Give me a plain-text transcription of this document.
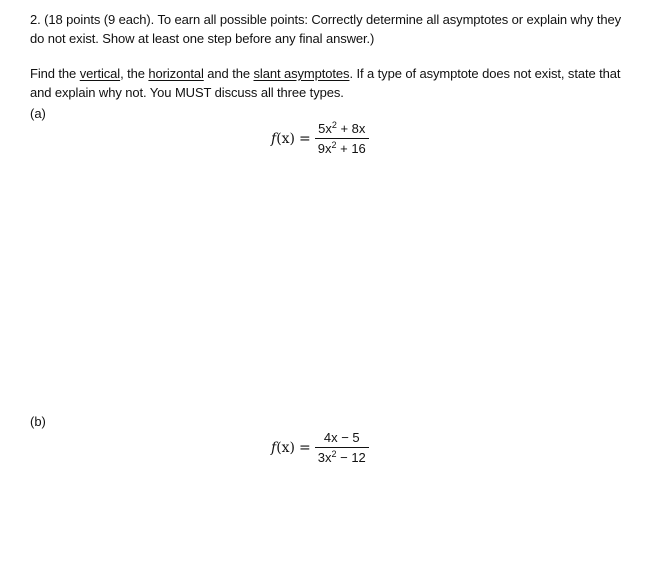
2. (18 points (9 each). To earn all possible points: Correctly determine all asymptotes or explain why they do not exist. Show at least one step before any final answer.)
Find the vertical, the horizontal and the slant asymptotes. If a type of asymptote does not exist, state that and explain why not. You MUST discuss all three types.
(a)
$f(x) = \frac{5x^2 + 8x}{9x^2 + 16}$
(b)
$f(x) = \frac{4x - 5}{3x^2 - 12}$
